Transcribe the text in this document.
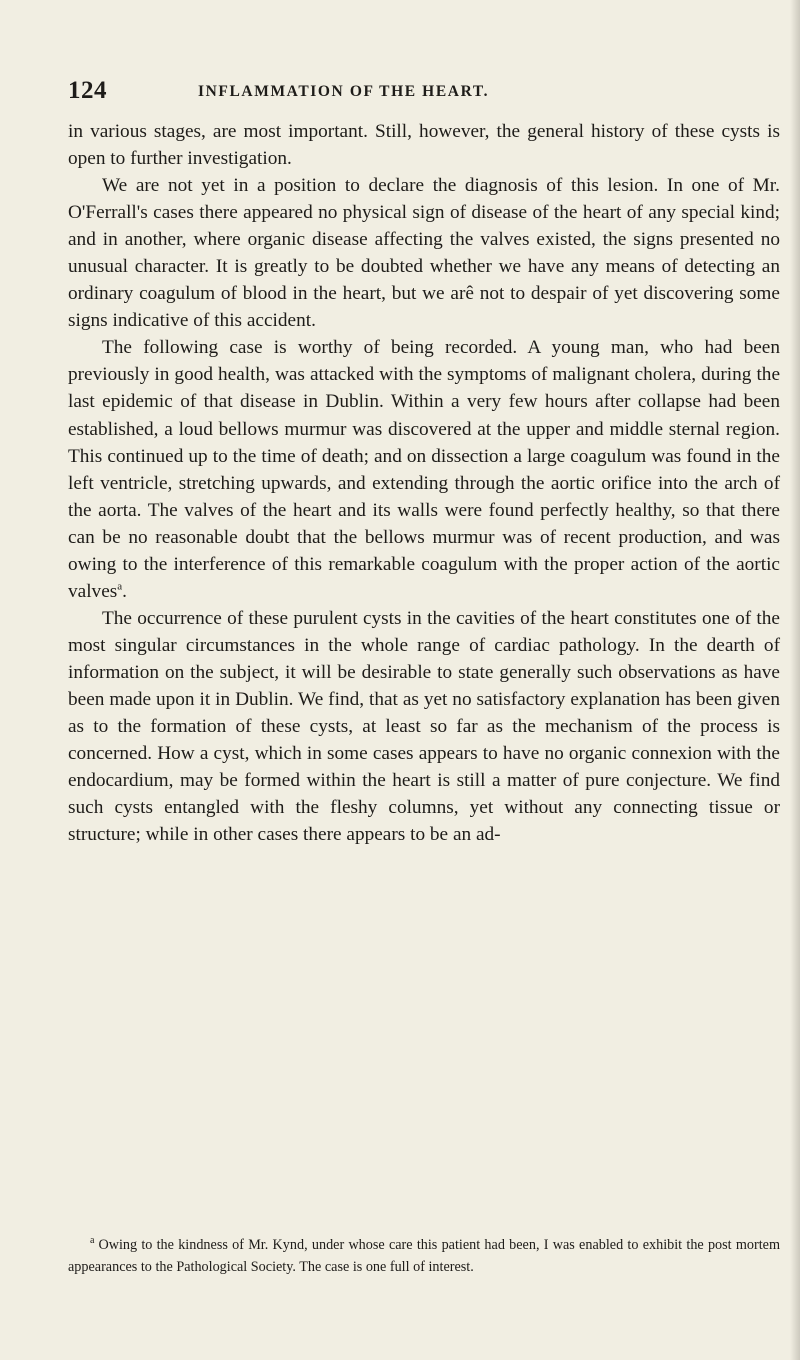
124	INFLAMMATION OF THE HEART.

in various stages, are most important. Still, however, the general history of these cysts is open to further investigation.

We are not yet in a position to declare the diagnosis of this lesion. In one of Mr. O'Ferrall's cases there appeared no physical sign of disease of the heart of any special kind; and in another, where organic disease affecting the valves existed, the signs presented no unusual character. It is greatly to be doubted whether we have any means of detecting an ordinary coagulum of blood in the heart, but we arê not to despair of yet discovering some signs indicative of this accident.

The following case is worthy of being recorded. A young man, who had been previously in good health, was attacked with the symptoms of malignant cholera, during the last epidemic of that disease in Dublin. Within a very few hours after collapse had been established, a loud bellows murmur was discovered at the upper and middle sternal region. This continued up to the time of death; and on dissection a large coagulum was found in the left ventricle, stretching upwards, and extending through the aortic orifice into the arch of the aorta. The valves of the heart and its walls were found perfectly healthy, so that there can be no reasonable doubt that the bellows murmur was of recent production, and was owing to the interference of this remarkable coagulum with the proper action of the aortic valves$^a$.

The occurrence of these purulent cysts in the cavities of the heart constitutes one of the most singular circumstances in the whole range of cardiac pathology. In the dearth of information on the subject, it will be desirable to state generally such observations as have been made upon it in Dublin. We find, that as yet no satisfactory explanation has been given as to the formation of these cysts, at least so far as the mechanism of the process is concerned. How a cyst, which in some cases appears to have no organic connexion with the endocardium, may be formed within the heart is still a matter of pure conjecture. We find such cysts entangled with the fleshy columns, yet without any connecting tissue or structure; while in other cases there appears to be an ad-

$^a$ Owing to the kindness of Mr. Kynd, under whose care this patient had been, I was enabled to exhibit the post mortem appearances to the Pathological Society. The case is one full of interest.
